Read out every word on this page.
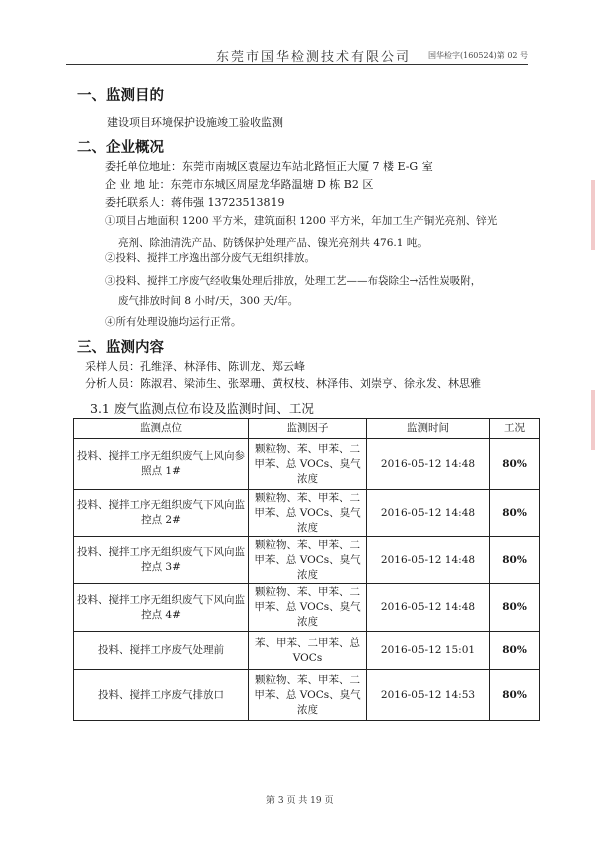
东莞市国华检测技术有限公司 国华检字(160524)第 02 号
一、监测目的
建设项目环境保护设施竣工验收监测
二、企业概况
委托单位地址：东莞市南城区袁屋边车站北路恒正大厦 7 楼 E-G 室
企 业 地 址：东莞市东城区周屋龙华路温塘 D 栋 B2 区
委托联系人：蒋伟强 13723513819
①项目占地面积 1200 平方米，建筑面积 1200 平方米，年加工生产铜光亮剂、锌光
亮剂、除油清洗产品、防锈保护处理产品、镍光亮剂共 476.1 吨。
②投料、搅拌工序逸出部分废气无组织排放。
③投料、搅拌工序废气经收集处理后排放，处理工艺——布袋除尘→活性炭吸附，
废气排放时间 8 小时/天，300 天/年。
④所有处理设施均运行正常。
三、监测内容
采样人员：孔维泽、林泽伟、陈训龙、郑云峰
分析人员：陈淑君、梁沛生、张翠珊、黄权枝、林泽伟、刘崇亨、徐永发、林思雅
3.1 废气监测点位布设及监测时间、工况
监测点位	监测因子	监测时间	工况
投料、搅拌工序无组织废气上风向参照点 1#	颗粒物、苯、甲苯、二甲苯、总 VOCs、臭气浓度	2016-05-12 14:48	80%
投料、搅拌工序无组织废气下风向监控点 2#	颗粒物、苯、甲苯、二甲苯、总 VOCs、臭气浓度	2016-05-12 14:48	80%
投料、搅拌工序无组织废气下风向监控点 3#	颗粒物、苯、甲苯、二甲苯、总 VOCs、臭气浓度	2016-05-12 14:48	80%
投料、搅拌工序无组织废气下风向监控点 4#	颗粒物、苯、甲苯、二甲苯、总 VOCs、臭气浓度	2016-05-12 14:48	80%
投料、搅拌工序废气处理前	苯、甲苯、二甲苯、总 VOCs	2016-05-12 15:01	80%
投料、搅拌工序废气排放口	颗粒物、苯、甲苯、二甲苯、总 VOCs、臭气浓度	2016-05-12 14:53	80%
第 3 页 共 19 页
